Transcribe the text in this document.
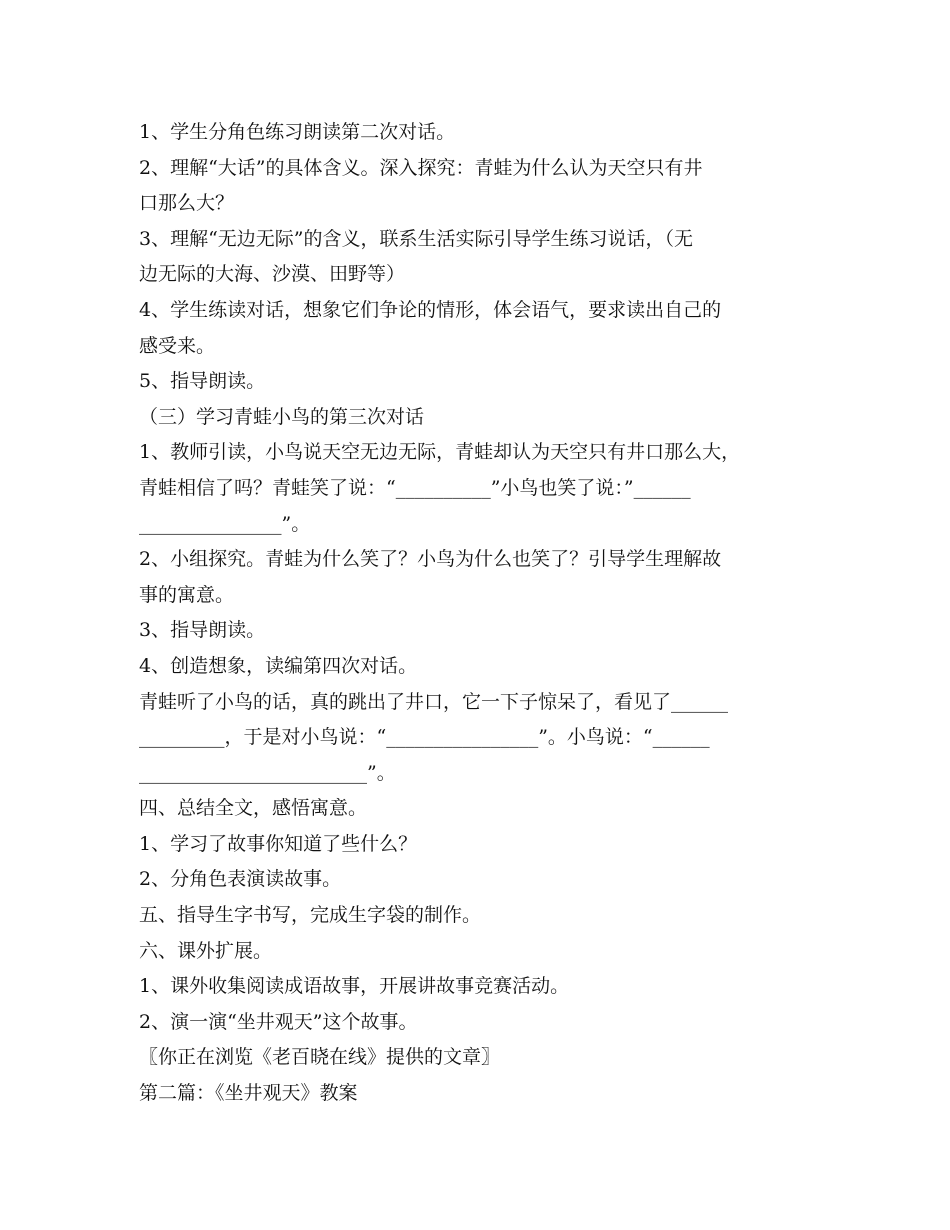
1、学生分角色练习朗读第二次对话。
2、理解“大话”的具体含义。深入探究：青蛙为什么认为天空只有井
口那么大？
3、理解“无边无际”的含义，联系生活实际引导学生练习说话，（无
边无际的大海、沙漠、田野等）
4、学生练读对话，想象它们争论的情形，体会语气，要求读出自己的
感受来。
5、指导朗读。
（三）学习青蛙小鸟的第三次对话
1、教师引读，小鸟说天空无边无际，青蛙却认为天空只有井口那么大，
青蛙相信了吗？青蛙笑了说：“__________”小鸟也笑了说：”______
_______________”。
2、小组探究。青蛙为什么笑了？小鸟为什么也笑了？引导学生理解故
事的寓意。
3、指导朗读。
4、创造想象，读编第四次对话。
青蛙听了小鸟的话，真的跳出了井口，它一下子惊呆了，看见了______
_________，于是对小鸟说：“________________”。小鸟说：“______
________________________”。
四、总结全文，感悟寓意。
1、学习了故事你知道了些什么？
2、分角色表演读故事。
五、指导生字书写，完成生字袋的制作。
六、课外扩展。
1、课外收集阅读成语故事，开展讲故事竞赛活动。
2、演一演“坐井观天”这个故事。
〖你正在浏览《老百晓在线》提供的文章〗
第二篇：《坐井观天》教案
